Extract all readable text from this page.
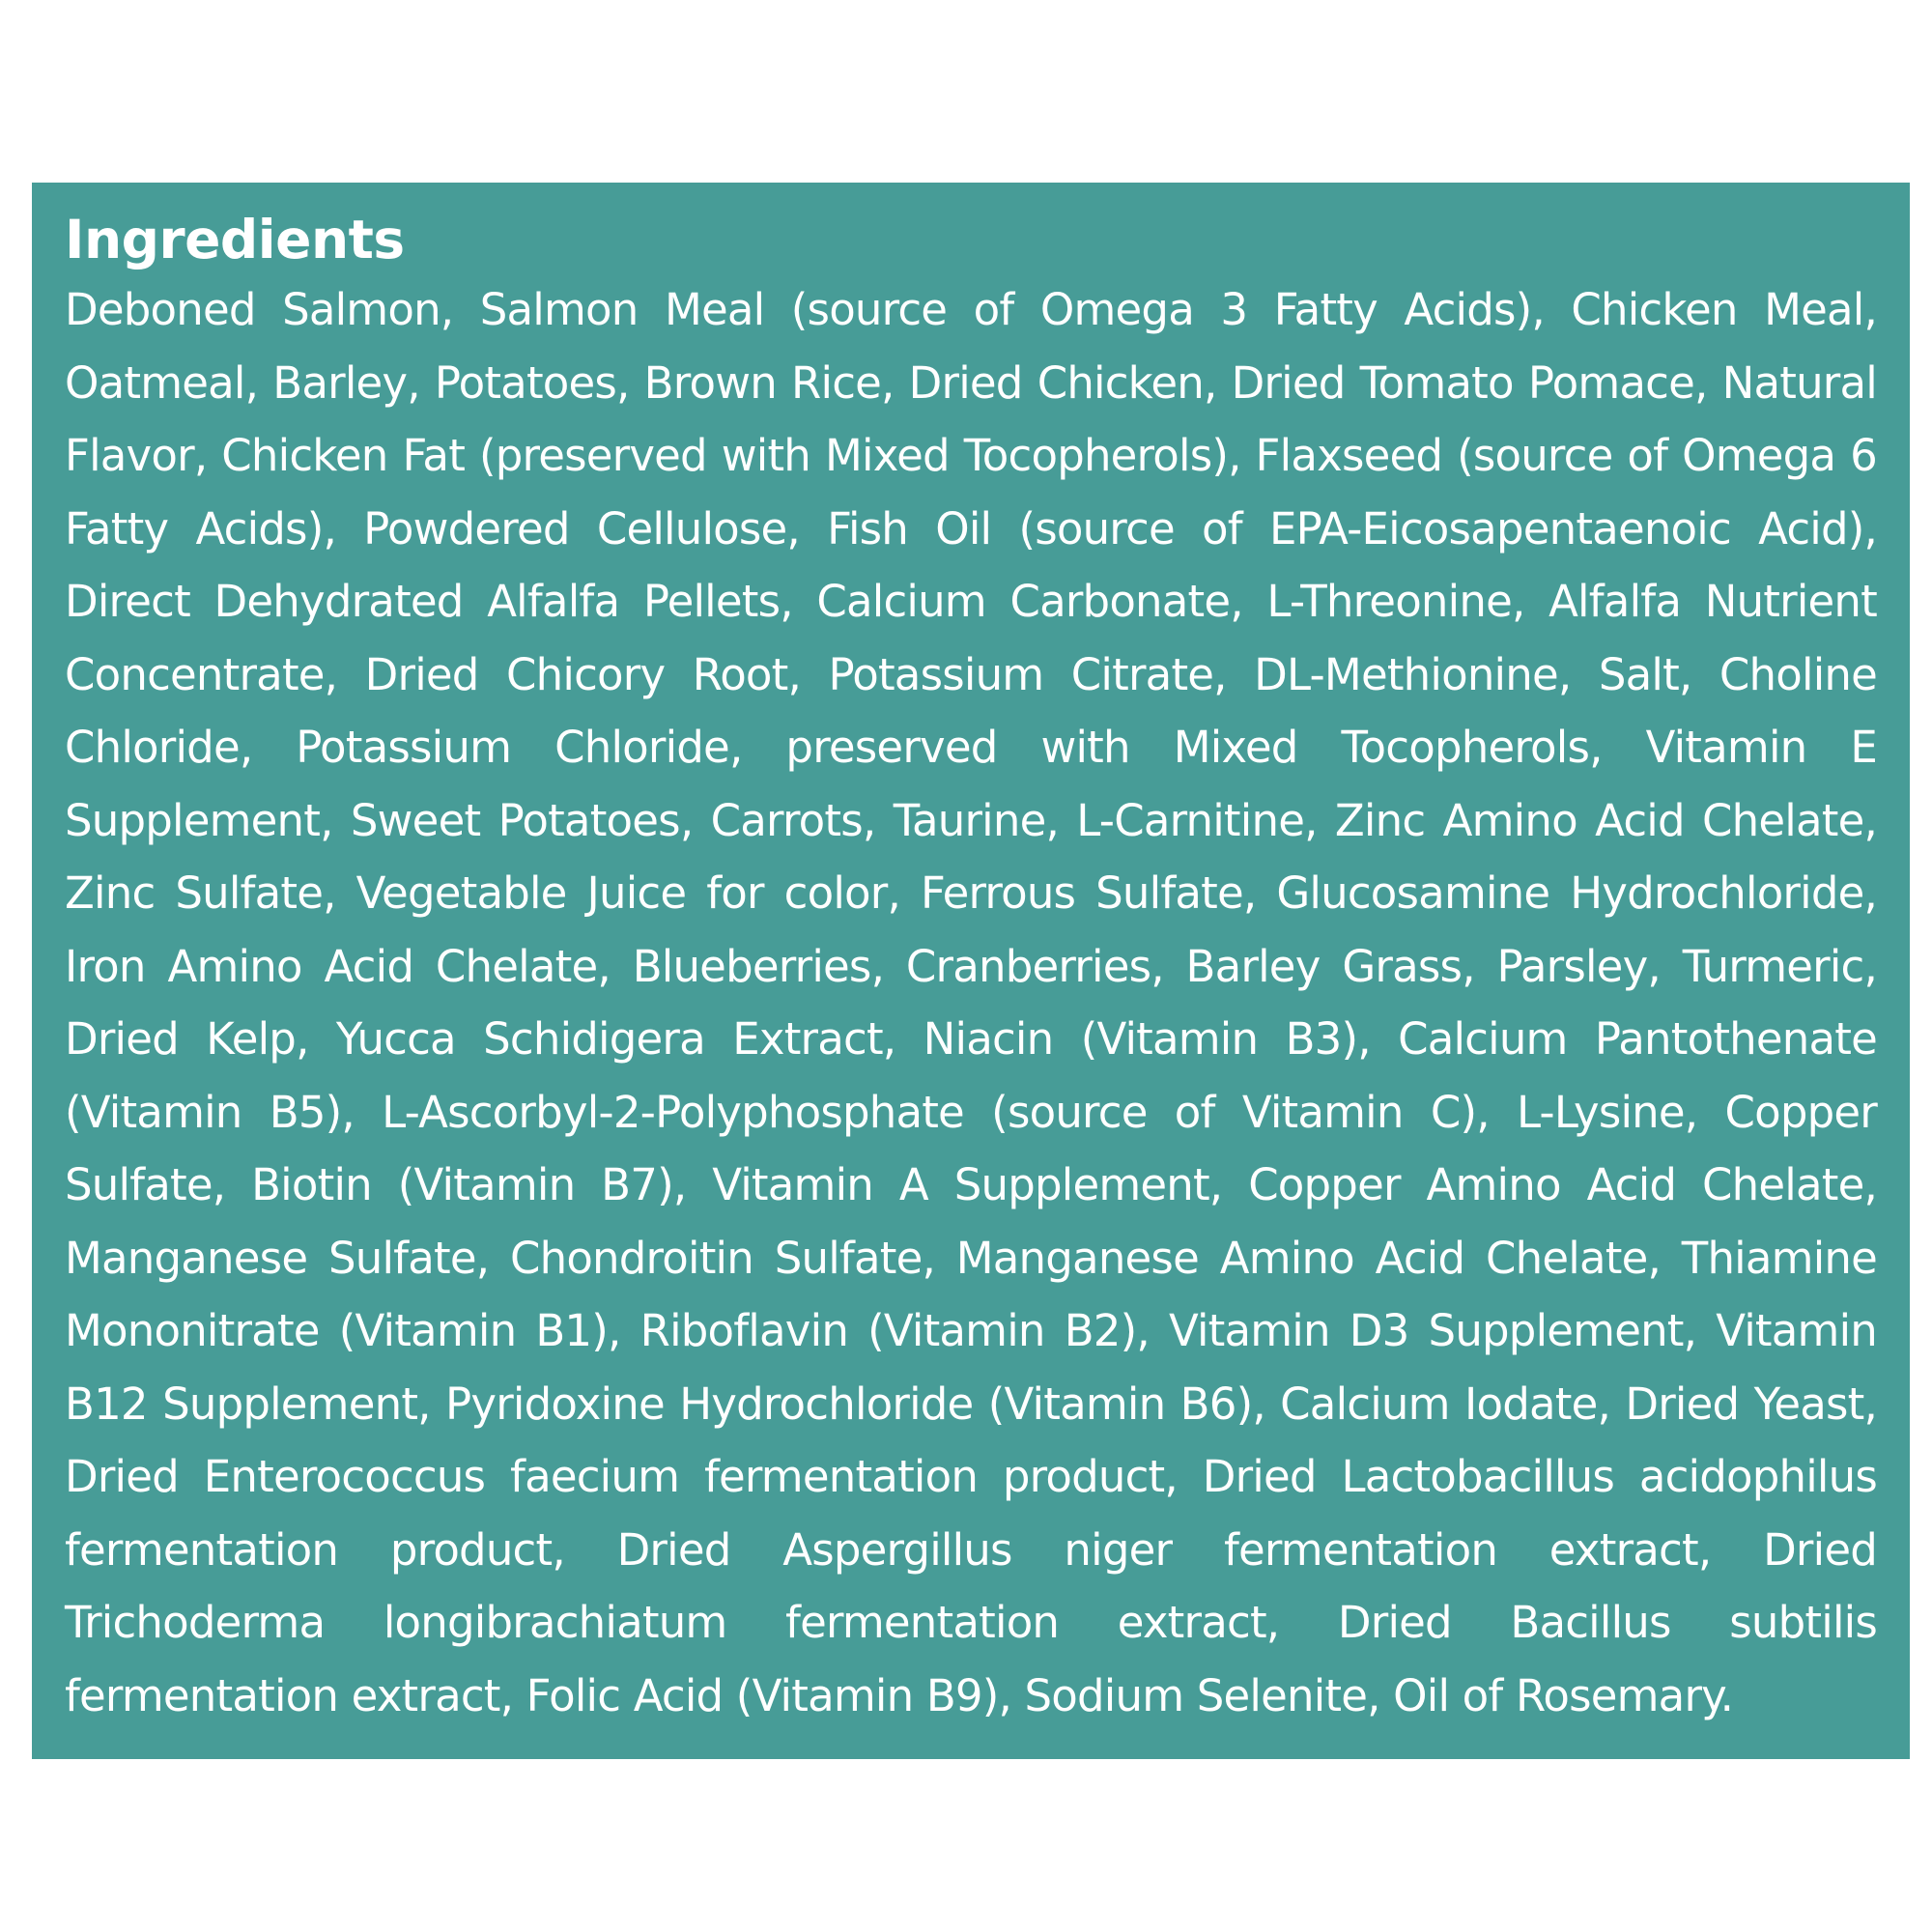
Ingredients

Deboned Salmon, Salmon Meal (source of Omega 3 Fatty Acids), Chicken Meal, Oatmeal, Barley, Potatoes, Brown Rice, Dried Chicken, Dried Tomato Pomace, Natural Flavor, Chicken Fat (preserved with Mixed Tocopherols), Flaxseed (source of Omega 6 Fatty Acids), Powdered Cellulose, Fish Oil (source of EPA-Eicosapentaenoic Acid), Direct Dehydrated Alfalfa Pellets, Calcium Carbonate, L-Threonine, Alfalfa Nutrient Concentrate, Dried Chicory Root, Potassium Citrate, DL-Methionine, Salt, Choline Chloride, Potassium Chloride, preserved with Mixed Tocopherols, Vitamin E Supplement, Sweet Potatoes, Carrots, Taurine, L-Carnitine, Zinc Amino Acid Chelate, Zinc Sulfate, Vegetable Juice for color, Ferrous Sulfate, Glucosamine Hydrochloride, Iron Amino Acid Chelate, Blueberries, Cranberries, Barley Grass, Parsley, Turmeric, Dried Kelp, Yucca Schidigera Extract, Niacin (Vitamin B3), Calcium Pantothenate (Vitamin B5), L-Ascorbyl-2-Polyphosphate (source of Vitamin C), L-Lysine, Copper Sulfate, Biotin (Vitamin B7), Vitamin A Supplement, Copper Amino Acid Chelate, Manganese Sulfate, Chondroitin Sulfate, Manganese Amino Acid Chelate, Thiamine Mononitrate (Vitamin B1), Riboflavin (Vitamin B2), Vitamin D3 Supplement, Vitamin B12 Supplement, Pyridoxine Hydrochloride (Vitamin B6), Calcium Iodate, Dried Yeast, Dried Enterococcus faecium fermentation product, Dried Lactobacillus acidophilus fermentation product, Dried Aspergillus niger fermentation extract, Dried Trichoderma longibrachiatum fermentation extract, Dried Bacillus subtilis fermentation extract, Folic Acid (Vitamin B9), Sodium Selenite, Oil of Rosemary.
